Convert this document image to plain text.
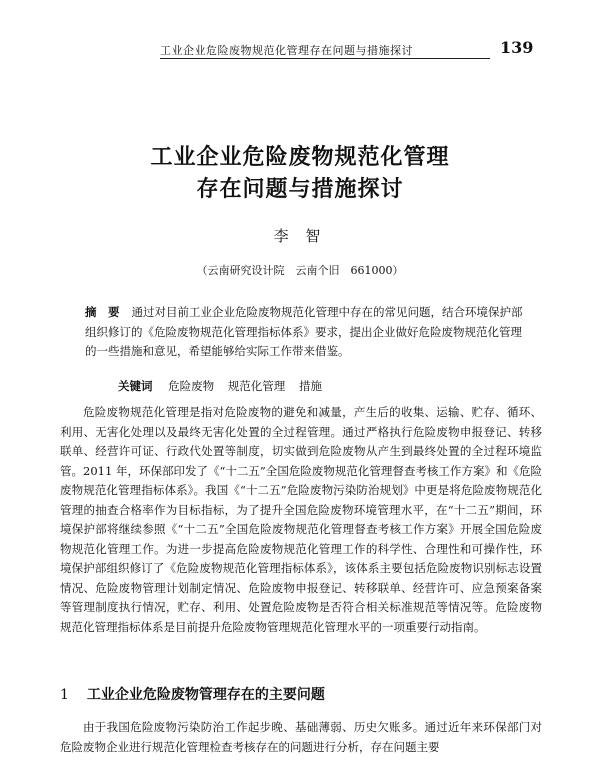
工业企业危险废物规范化管理存在问题与措施探讨	139
工业企业危险废物规范化管理
存在问题与措施探讨
李 智
（云南研究设计院　云南个旧　661000）

摘　要 通过对目前工业企业危险废物规范化管理中存在的常见问题，结合环境保护部组织修订的《危险废物规范化管理指标体系》要求，提出企业做好危险废物规范化管理的一些措施和意见，希望能够给实际工作带来借鉴。

关键词 危险废物 规范化管理 措施

危险废物规范化管理是指对危险废物的避免和减量，产生后的收集、运输、贮存、循环、利用、无害化处理以及最终无害化处置的全过程管理。通过严格执行危险废物申报登记、转移联单、经营许可证、行政代处置等制度，切实做到危险废物从产生到最终处置的全过程环境监管。2011 年，环保部印发了《“十二五”全国危险废物规范化管理督查考核工作方案》和《危险废物规范化管理指标体系》。我国《“十二五”危险废物污染防治规划》中更是将危险废物规范化管理的抽查合格率作为目标指标，为了提升全国危险废物环境管理水平，在“十二五”期间，环境保护部将继续参照《“十二五”全国危险废物规范化管理督查考核工作方案》开展全国危险废物规范化管理工作。为进一步提高危险废物规范化管理工作的科学性、合理性和可操作性，环境保护部组织修订了《危险废物规范化管理指标体系》，该体系主要包括危险废物识别标志设置情况、危险废物管理计划制定情况、危险废物申报登记、转移联单、经营许可、应急预案备案等管理制度执行情况，贮存、利用、处置危险废物是否符合相关标准规范等情况等。危险废物规范化管理指标体系是目前提升危险废物管理规范化管理水平的一项重要行动指南。

1 工业企业危险废物管理存在的主要问题

由于我国危险废物污染防治工作起步晚、基础薄弱、历史欠账多。通过近年来环保部门对危险废物企业进行规范化管理检查考核存在的问题进行分析，存在问题主要
